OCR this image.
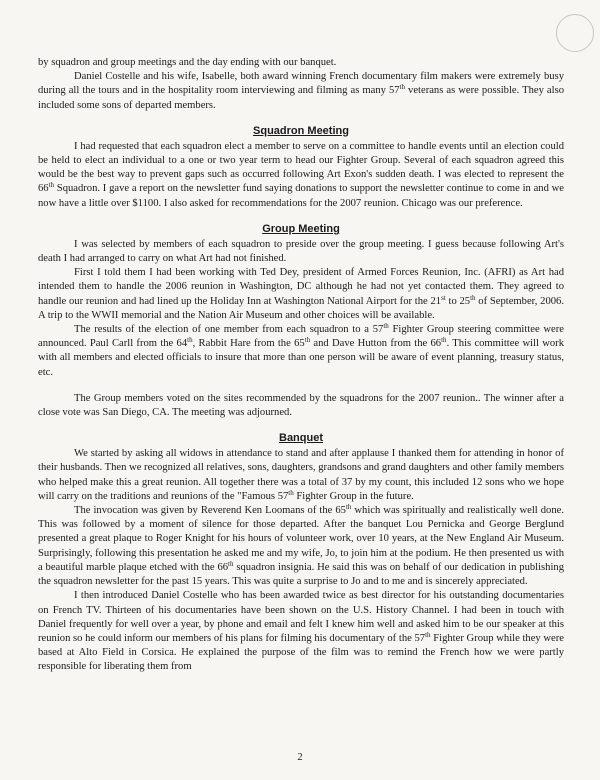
by squadron and group meetings and the day ending with our banquet.

Daniel Costelle and his wife, Isabelle, both award winning French documentary film makers were extremely busy during all the tours and in the hospitality room interviewing and filming as many 57th veterans as were possible. They also included some sons of departed members.

Squadron Meeting

I had requested that each squadron elect a member to serve on a committee to handle events until an election could be held to elect an individual to a one or two year term to head our Fighter Group. Several of each squadron agreed this would be the best way to prevent gaps such as occurred following Art Exon's sudden death. I was elected to represent the 66th Squadron. I gave a report on the newsletter fund saying donations to support the newsletter continue to come in and we now have a little over $1100. I also asked for recommendations for the 2007 reunion. Chicago was our preference.

Group Meeting

I was selected by members of each squadron to preside over the group meeting. I guess because following Art's death I had arranged to carry on what Art had not finished.

First I told them I had been working with Ted Dey, president of Armed Forces Reunion, Inc. (AFRI) as Art had intended them to handle the 2006 reunion in Washington, DC although he had not yet contacted them. They agreed to handle our reunion and had lined up the Holiday Inn at Washington National Airport for the 21st to 25th of September, 2006. A trip to the WWII memorial and the Nation Air Museum and other choices will be available.

The results of the election of one member from each squadron to a 57th Fighter Group steering committee were announced. Paul Carll from the 64th, Rabbit Hare from the 65th and Dave Hutton from the 66th. This committee will work with all members and elected officials to insure that more than one person will be aware of event planning, treasury status, etc.

The Group members voted on the sites recommended by the squadrons for the 2007 reunion.. The winner after a close vote was San Diego, CA. The meeting was adjourned.

Banquet

We started by asking all widows in attendance to stand and after applause I thanked them for attending in honor of their husbands. Then we recognized all relatives, sons, daughters, grandsons and grand daughters and other family members who helped make this a great reunion. All together there was a total of 37 by my count, this included 12 sons who we hope will carry on the traditions and reunions of the "Famous 57th Fighter Group in the future.

The invocation was given by Reverend Ken Loomans of the 65th which was spiritually and realistically well done. This was followed by a moment of silence for those departed. After the banquet Lou Pernicka and George Berglund presented a great plaque to Roger Knight for his hours of volunteer work, over 10 years, at the New England Air Museum. Surprisingly, following this presentation he asked me and my wife, Jo, to join him at the podium. He then presented us with a beautiful marble plaque etched with the 66th squadron insignia. He said this was on behalf of our dedication in publishing the squadron newsletter for the past 15 years. This was quite a surprise to Jo and to me and is sincerely appreciated.

I then introduced Daniel Costelle who has been awarded twice as best director for his outstanding documentaries on French TV. Thirteen of his documentaries have been shown on the U.S. History Channel. I had been in touch with Daniel frequently for well over a year, by phone and email and felt I knew him well and asked him to be our speaker at this reunion so he could inform our members of his plans for filming his documentary of the 57th Fighter Group while they were based at Alto Field in Corsica. He explained the purpose of the film was to remind the French how we were partly responsible for liberating them from

2
